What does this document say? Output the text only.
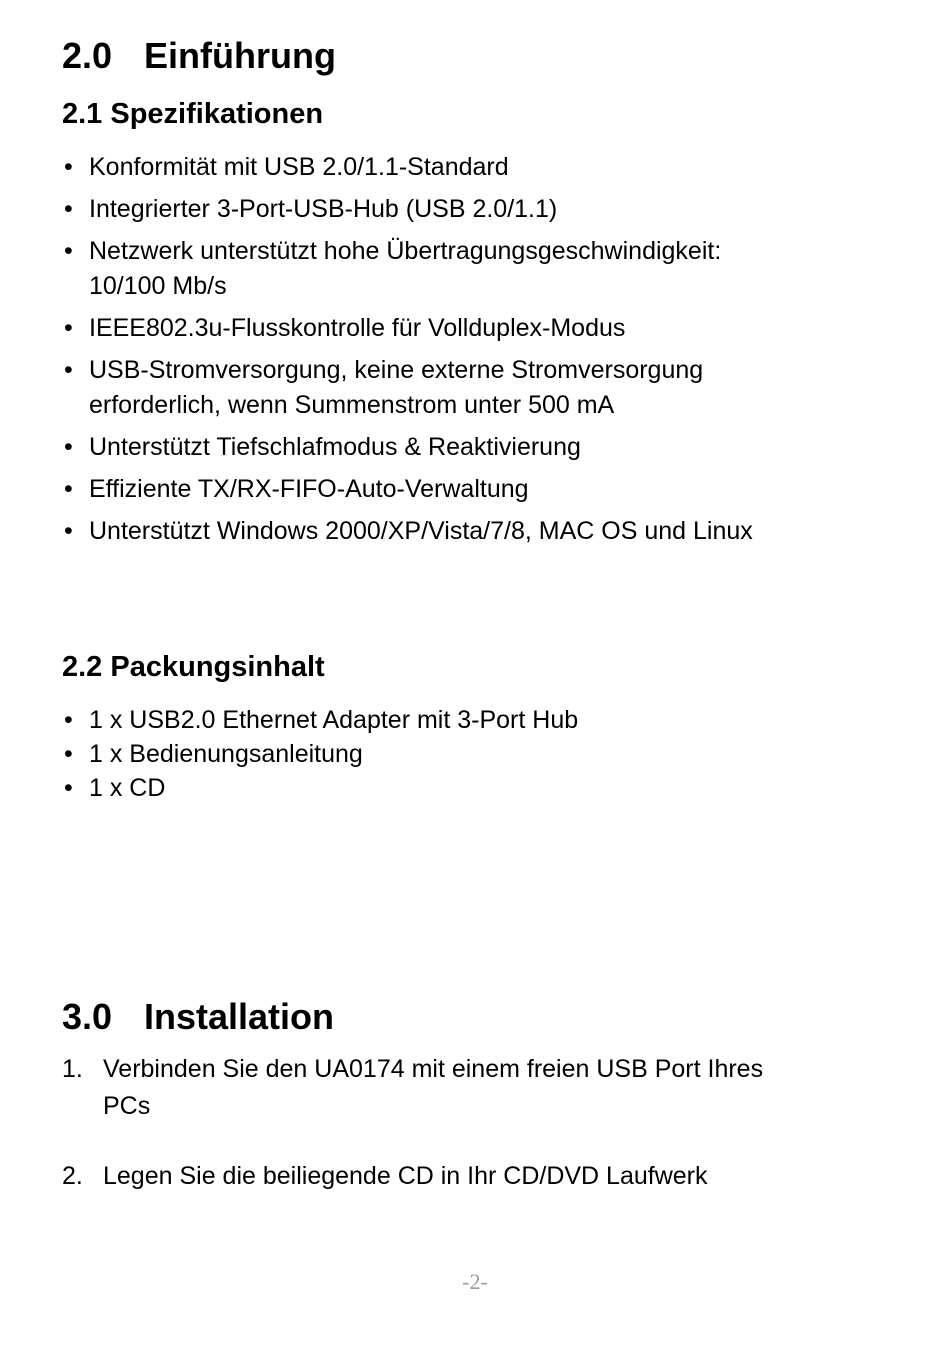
2.0 Einführung
2.1 Spezifikationen
• Konformität mit USB 2.0/1.1-Standard
• Integrierter 3-Port-USB-Hub (USB 2.0/1.1)
• Netzwerk unterstützt hohe Übertragungsgeschwindigkeit:
10/100 Mb/s
• IEEE802.3u-Flusskontrolle für Vollduplex-Modus
• USB-Stromversorgung, keine externe Stromversorgung
erforderlich, wenn Summenstrom unter 500 mA
• Unterstützt Tiefschlafmodus & Reaktivierung
• Effiziente TX/RX-FIFO-Auto-Verwaltung
• Unterstützt Windows 2000/XP/Vista/7/8, MAC OS und Linux
2.2 Packungsinhalt
• 1 x USB2.0 Ethernet Adapter mit 3-Port Hub
• 1 x Bedienungsanleitung
• 1 x CD
3.0 Installation
1. Verbinden Sie den UA0174 mit einem freien USB Port Ihres
PCs
2. Legen Sie die beiliegende CD in Ihr CD/DVD Laufwerk
-2-
